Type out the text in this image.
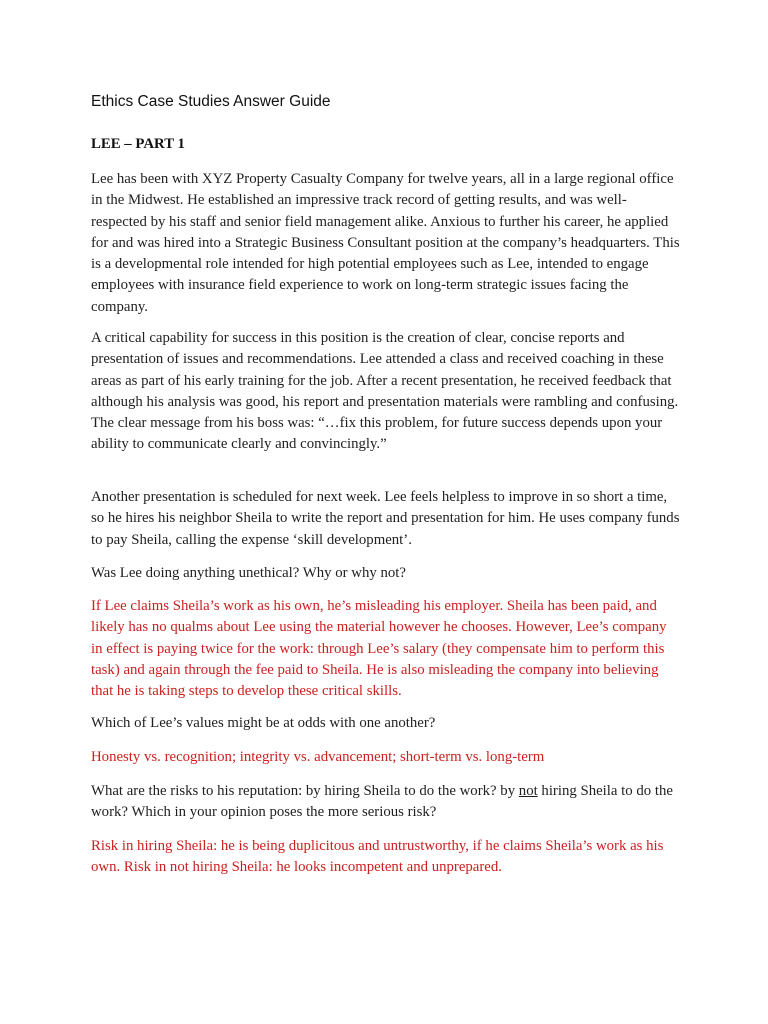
Ethics Case Studies Answer Guide
LEE – PART 1

Lee has been with XYZ Property Casualty Company for twelve years, all in a large regional office in the Midwest. He established an impressive track record of getting results, and was well-respected by his staff and senior field management alike. Anxious to further his career, he applied for and was hired into a Strategic Business Consultant position at the company’s headquarters. This is a developmental role intended for high potential employees such as Lee, intended to engage employees with insurance field experience to work on long-term strategic issues facing the company.

A critical capability for success in this position is the creation of clear, concise reports and presentation of issues and recommendations. Lee attended a class and received coaching in these areas as part of his early training for the job. After a recent presentation, he received feedback that although his analysis was good, his report and presentation materials were rambling and confusing. The clear message from his boss was: “…fix this problem, for future success depends upon your ability to communicate clearly and convincingly.”

Another presentation is scheduled for next week. Lee feels helpless to improve in so short a time, so he hires his neighbor Sheila to write the report and presentation for him. He uses company funds to pay Sheila, calling the expense ‘skill development’.

Was Lee doing anything unethical? Why or why not?

If Lee claims Sheila’s work as his own, he’s misleading his employer. Sheila has been paid, and likely has no qualms about Lee using the material however he chooses. However, Lee’s company in effect is paying twice for the work: through Lee’s salary (they compensate him to perform this task) and again through the fee paid to Sheila. He is also misleading the company into believing that he is taking steps to develop these critical skills.

Which of Lee’s values might be at odds with one another?

Honesty vs. recognition; integrity vs. advancement; short-term vs. long-term

What are the risks to his reputation: by hiring Sheila to do the work? by not hiring Sheila to do the work? Which in your opinion poses the more serious risk?

Risk in hiring Sheila: he is being duplicitous and untrustworthy, if he claims Sheila’s work as his own. Risk in not hiring Sheila: he looks incompetent and unprepared.
